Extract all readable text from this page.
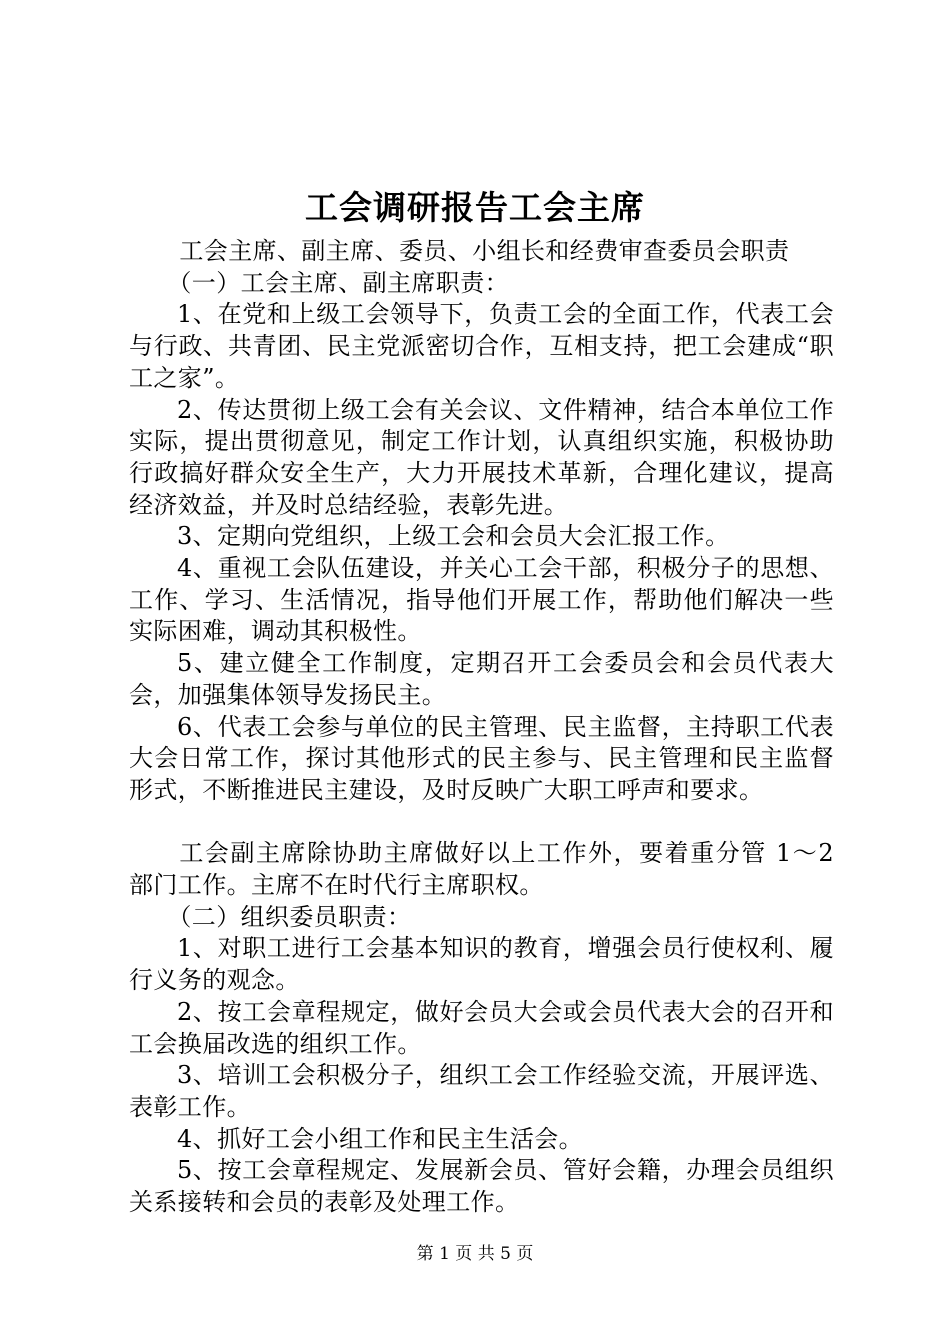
工会调研报告工会主席

工会主席、副主席、委员、小组长和经费审查委员会职责

（一）工会主席、副主席职责：

1、在党和上级工会领导下，负责工会的全面工作，代表工会与行政、共青团、民主党派密切合作，互相支持，把工会建成“职工之家”。

2、传达贯彻上级工会有关会议、文件精神，结合本单位工作实际，提出贯彻意见，制定工作计划，认真组织实施，积极协助行政搞好群众安全生产，大力开展技术革新，合理化建议，提高经济效益，并及时总结经验，表彰先进。

3、定期向党组织，上级工会和会员大会汇报工作。

4、重视工会队伍建设，并关心工会干部，积极分子的思想、工作、学习、生活情况，指导他们开展工作，帮助他们解决一些实际困难，调动其积极性。

5、建立健全工作制度，定期召开工会委员会和会员代表大会，加强集体领导发扬民主。

6、代表工会参与单位的民主管理、民主监督，主持职工代表大会日常工作，探讨其他形式的民主参与、民主管理和民主监督形式，不断推进民主建设，及时反映广大职工呼声和要求。

工会副主席除协助主席做好以上工作外，要着重分管 1～2 部门工作。主席不在时代行主席职权。

（二）组织委员职责：

1、对职工进行工会基本知识的教育，增强会员行使权利、履行义务的观念。

2、按工会章程规定，做好会员大会或会员代表大会的召开和工会换届改选的组织工作。

3、培训工会积极分子，组织工会工作经验交流，开展评选、表彰工作。

4、抓好工会小组工作和民主生活会。

5、按工会章程规定、发展新会员、管好会籍，办理会员组织关系接转和会员的表彰及处理工作。

第 1 页 共 5 页
